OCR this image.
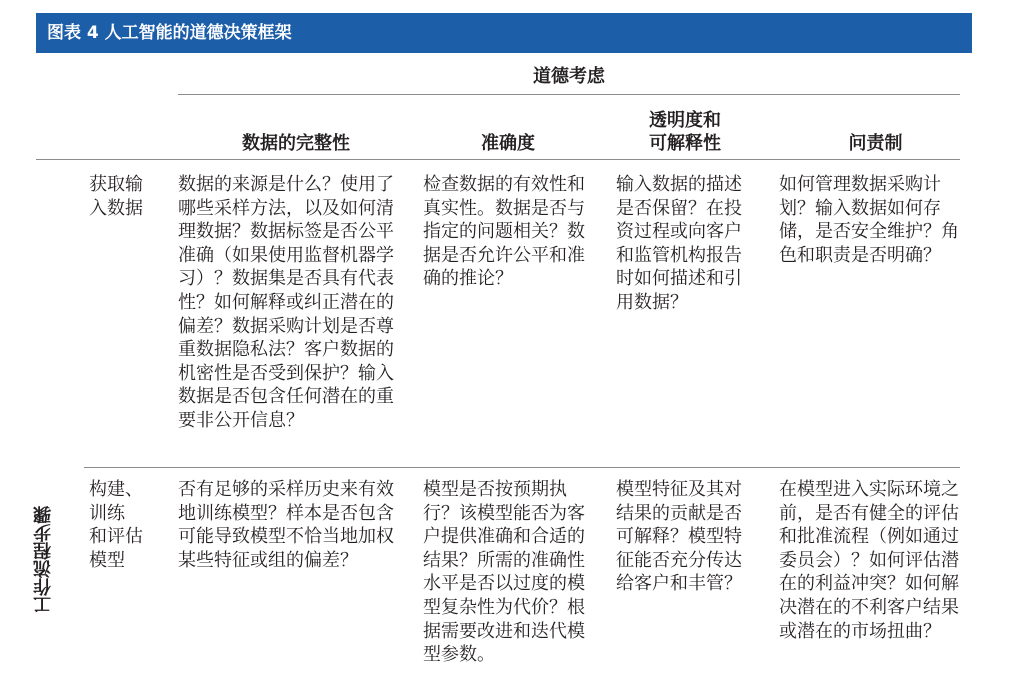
图表 4 人工智能的道德决策框架
道德考虑
数据的完整性	准确度
透明度和
可解释性	问责制
工作流程步骤
获取输
入数据
数据的来源是什么？使用了哪些采样方法，以及如何清理数据？数据标签是否公平准确（如果使用监督机器学习）？数据集是否具有代表性？如何解释或纠正潜在的偏差？数据采购计划是否尊重数据隐私法？客户数据的机密性是否受到保护？输入数据是否包含任何潜在的重要非公开信息？
检查数据的有效性和真实性。数据是否与指定的问题相关？数据是否允许公平和准确的推论？
输入数据的描述是否保留？在投资过程或向客户和监管机构报告时如何描述和引用数据？
如何管理数据采购计划？输入数据如何存储，是否安全维护？角色和职责是否明确？
构建、
训练
和评估
模型
否有足够的采样历史来有效地训练模型？样本是否包含可能导致模型不恰当地加权某些特征或组的偏差？
模型是否按预期执行？该模型能否为客户提供准确和合适的结果？所需的准确性水平是否以过度的模型复杂性为代价？根据需要改进和迭代模型参数。
模型特征及其对结果的贡献是否可解释？模型特征能否充分传达给客户和丰管？
在模型进入实际环境之前，是否有健全的评估和批准流程（例如通过委员会）？如何评估潜在的利益冲突？如何解决潜在的不利客户结果或潜在的市场扭曲？
